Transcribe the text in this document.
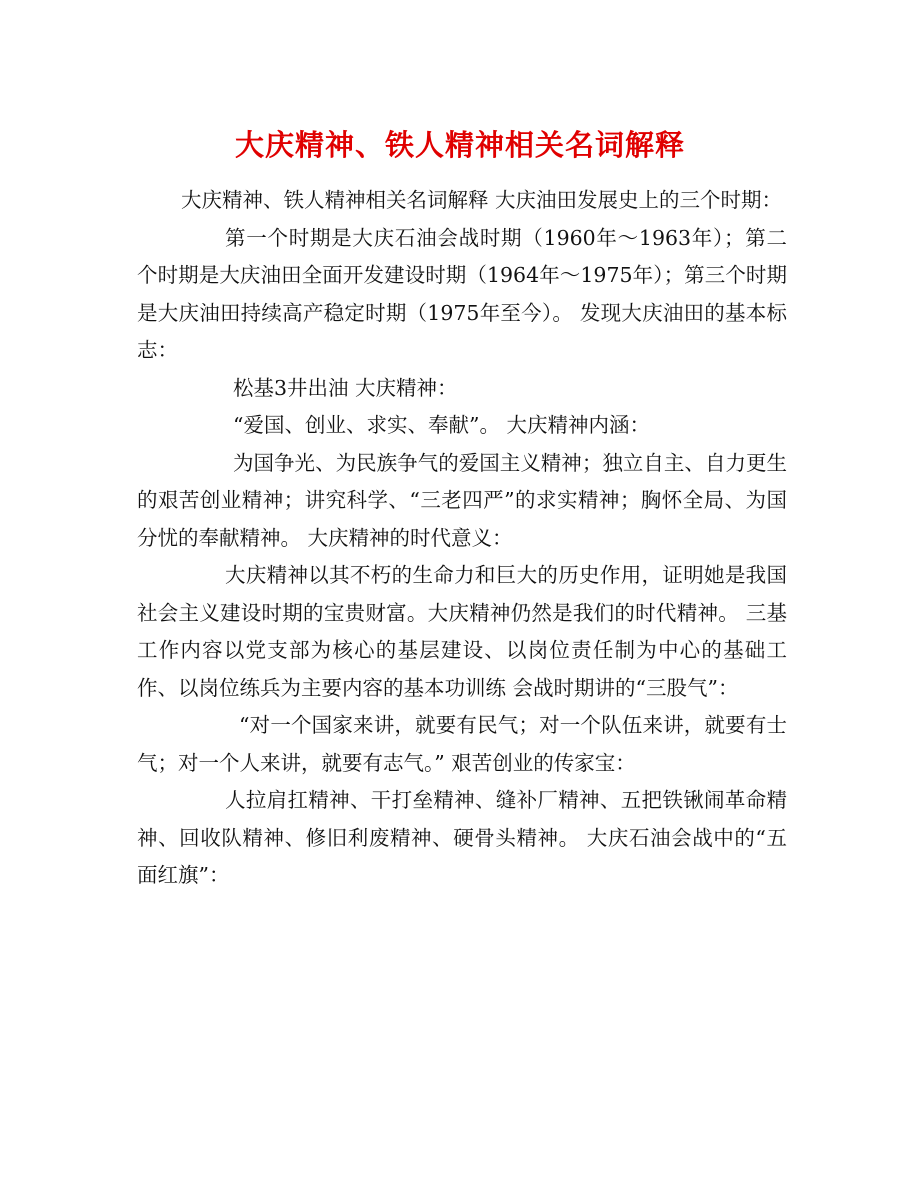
大庆精神、铁人精神相关名词解释

大庆精神、铁人精神相关名词解释 大庆油田发展史上的三个时期：

第一个时期是大庆石油会战时期（1960年～1963年）；第二个时期是大庆油田全面开发建设时期（1964年～1975年）；第三个时期是大庆油田持续高产稳定时期（1975年至今）。 发现大庆油田的基本标志：

松基3井出油 大庆精神：

“爱国、创业、求实、奉献”。 大庆精神内涵：

为国争光、为民族争气的爱国主义精神；独立自主、自力更生的艰苦创业精神；讲究科学、“三老四严”的求实精神；胸怀全局、为国分忧的奉献精神。 大庆精神的时代意义：

大庆精神以其不朽的生命力和巨大的历史作用，证明她是我国社会主义建设时期的宝贵财富。大庆精神仍然是我们的时代精神。 三基工作内容以党支部为核心的基层建设、以岗位责任制为中心的基础工作、以岗位练兵为主要内容的基本功训练 会战时期讲的“三股气”：

“对一个国家来讲，就要有民气；对一个队伍来讲，就要有士气；对一个人来讲，就要有志气。” 艰苦创业的传家宝：

人拉肩扛精神、干打垒精神、缝补厂精神、五把铁锹闹革命精神、回收队精神、修旧利废精神、硬骨头精神。 大庆石油会战中的“五面红旗”：
